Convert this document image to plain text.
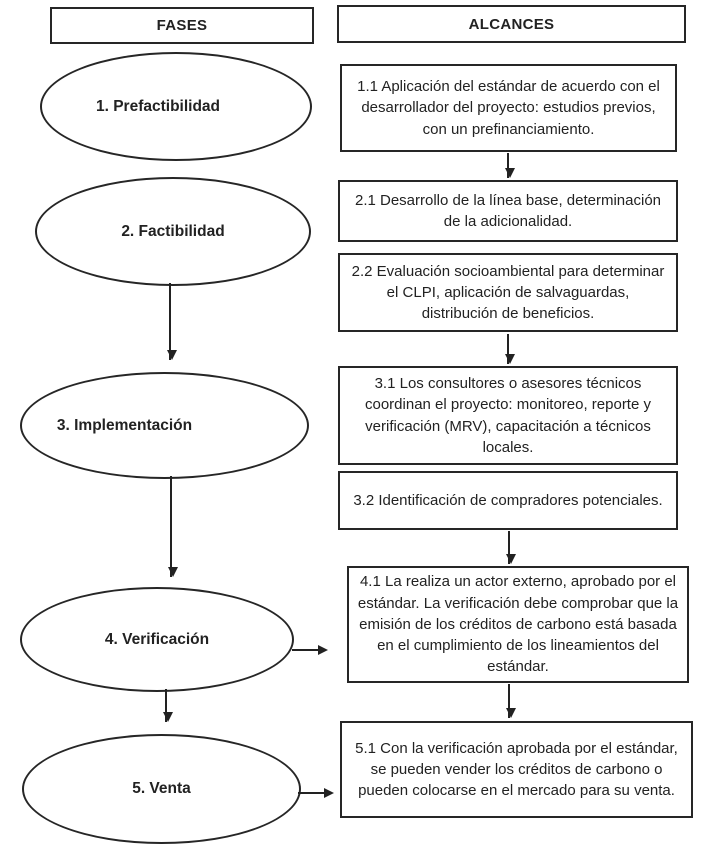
FASES	ALCANCES
1. Prefactibilidad
2. Factibilidad
3. Implementación
4. Verificación
5. Venta
1.1 Aplicación del estándar de acuerdo con el desarrollador del proyecto: estudios previos, con un prefinanciamiento.
2.1 Desarrollo de la línea base, determinación de la adicionalidad.
2.2 Evaluación socioambiental para determinar el CLPI, aplicación de salvaguardas, distribución de beneficios.
3.1 Los consultores o asesores técnicos coordinan el proyecto: monitoreo, reporte y verificación (MRV), capacitación a técnicos locales.
3.2 Identificación de compradores potenciales.
4.1 La realiza un actor externo, aprobado por el estándar. La verificación debe comprobar que la emisión de los créditos de carbono está basada en el cumplimiento de los lineamientos del estándar.
5.1 Con la verificación aprobada por el estándar, se pueden vender los créditos de carbono o pueden colocarse en el mercado para su venta.
